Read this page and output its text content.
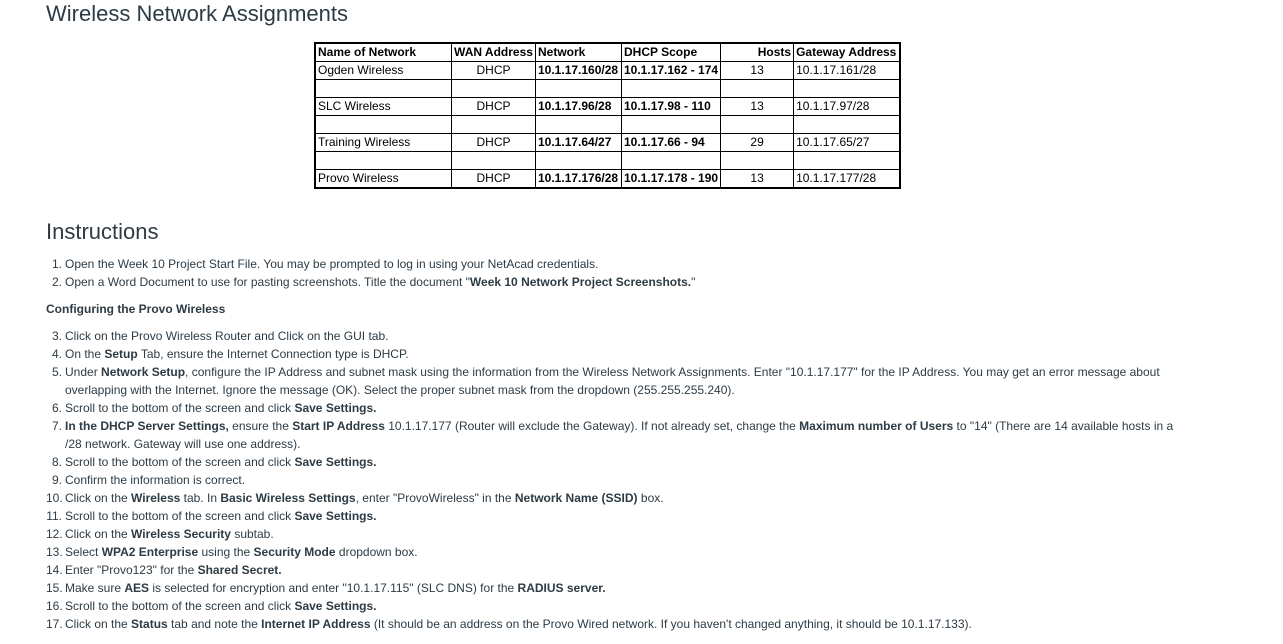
Wireless Network Assignments
Name of Network	WAN Address	Network	DHCP Scope	Hosts	Gateway Address
Ogden Wireless	DHCP	10.1.17.160/28	10.1.17.162 - 174	13	10.1.17.161/28

SLC Wireless	DHCP	10.1.17.96/28	10.1.17.98 - 110	13	10.1.17.97/28

Training Wireless	DHCP	10.1.17.64/27	10.1.17.66 - 94	29	10.1.17.65/27

Provo Wireless	DHCP	10.1.17.176/28	10.1.17.178 - 190	13	10.1.17.177/28
Instructions
1. Open the Week 10 Project Start File. You may be prompted to log in using your NetAcad credentials.
2. Open a Word Document to use for pasting screenshots. Title the document "Week 10 Network Project Screenshots."

Configuring the Provo Wireless

3. Click on the Provo Wireless Router and Click on the GUI tab.
4. On the Setup Tab, ensure the Internet Connection type is DHCP.
5. Under Network Setup, configure the IP Address and subnet mask using the information from the Wireless Network Assignments. Enter "10.1.17.177" for the IP Address. You may get an error message about overlapping with the Internet. Ignore the message (OK). Select the proper subnet mask from the dropdown (255.255.255.240).
6. Scroll to the bottom of the screen and click Save Settings.
7. In the DHCP Server Settings, ensure the Start IP Address 10.1.17.177 (Router will exclude the Gateway). If not already set, change the Maximum number of Users to "14" (There are 14 available hosts in a /28 network. Gateway will use one address).
8. Scroll to the bottom of the screen and click Save Settings.
9. Confirm the information is correct.
10. Click on the Wireless tab. In Basic Wireless Settings, enter "ProvoWireless" in the Network Name (SSID) box.
11. Scroll to the bottom of the screen and click Save Settings.
12. Click on the Wireless Security subtab.
13. Select WPA2 Enterprise using the Security Mode dropdown box.
14. Enter "Provo123" for the Shared Secret.
15. Make sure AES is selected for encryption and enter "10.1.17.115" (SLC DNS) for the RADIUS server.
16. Scroll to the bottom of the screen and click Save Settings.
17. Click on the Status tab and note the Internet IP Address (It should be an address on the Provo Wired network. If you haven't changed anything, it should be 10.1.17.133).
